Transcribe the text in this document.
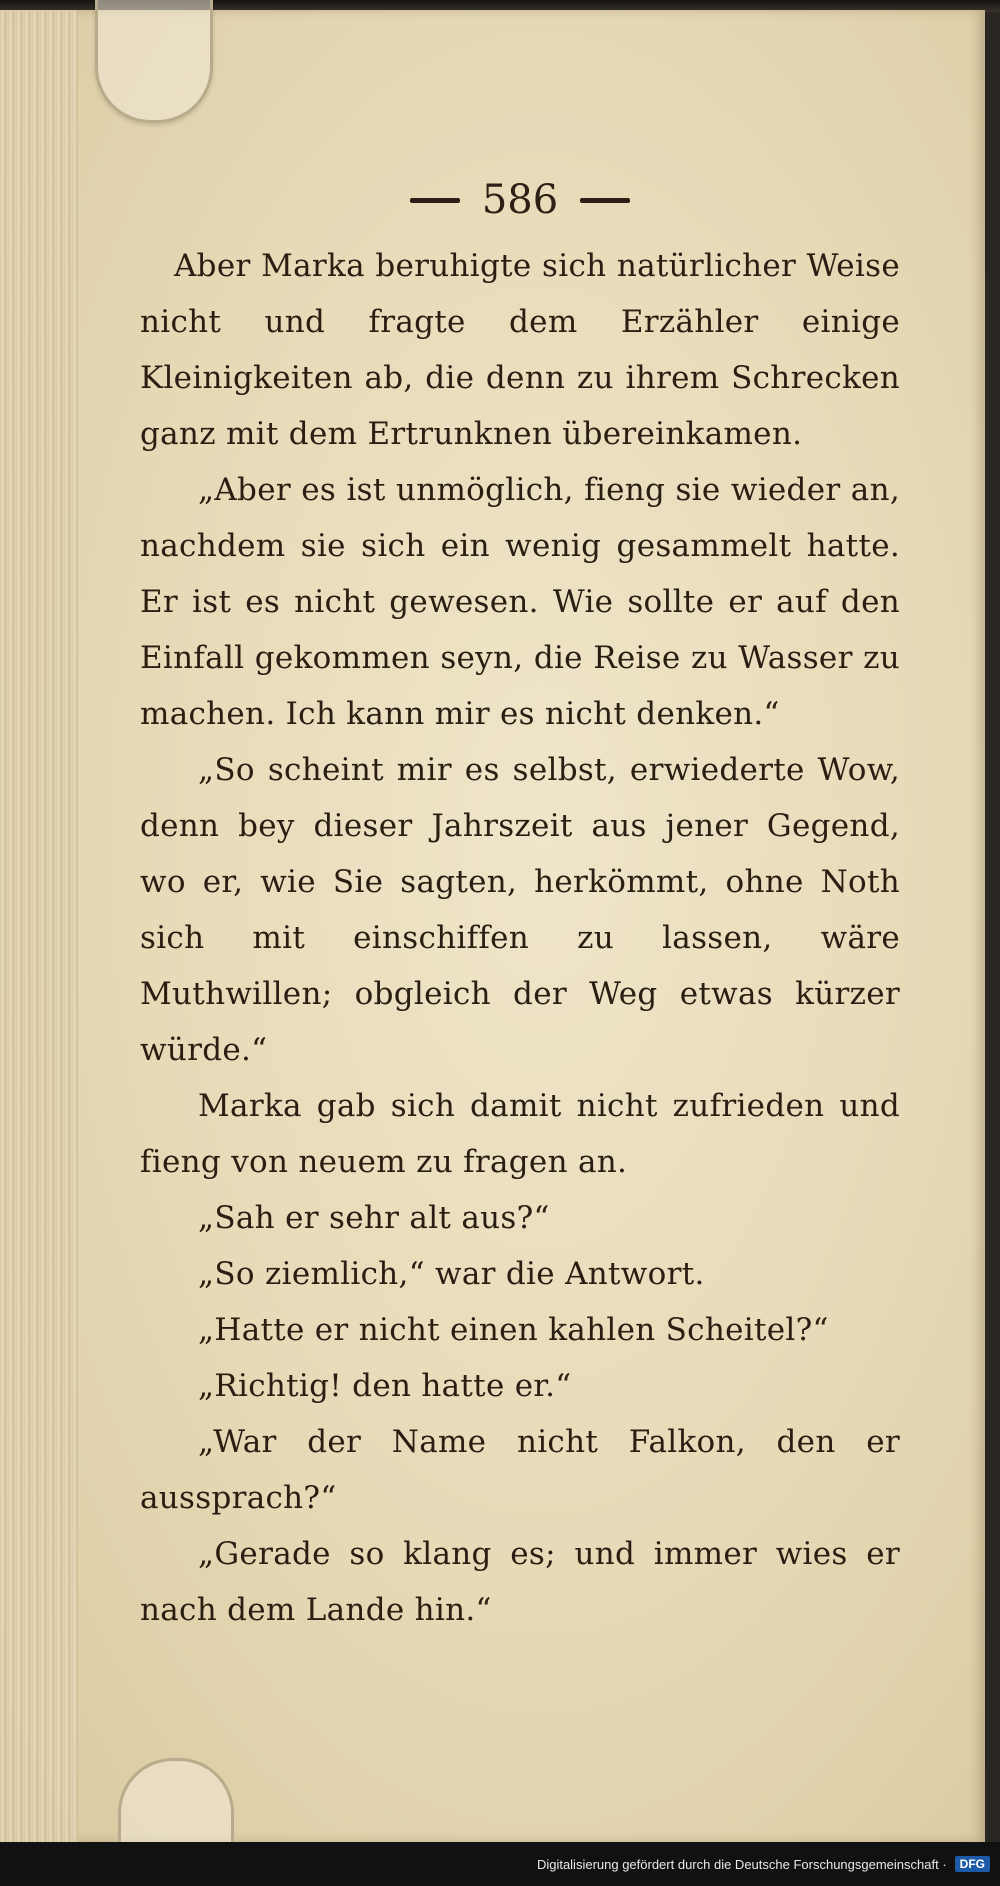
586

Aber Marka beruhigte sich natürlicher Weise nicht und fragte dem Erzähler einige Kleinigkeiten ab, die denn zu ihrem Schrecken ganz mit dem Ertrunknen übereinkamen.

„Aber es ist unmöglich, fieng sie wieder an, nachdem sie sich ein wenig gesammelt hatte. Er ist es nicht gewesen. Wie sollte er auf den Einfall gekommen seyn, die Reise zu Wasser zu machen. Ich kann mir es nicht denken.“

„So scheint mir es selbst, erwiederte Wow, denn bey dieser Jahrszeit aus jener Gegend, wo er, wie Sie sagten, herkömmt, ohne Noth sich mit einschiffen zu lassen, wäre Muthwillen; obgleich der Weg etwas kürzer würde.“

Marka gab sich damit nicht zufrieden und fieng von neuem zu fragen an.

„Sah er sehr alt aus?“

„So ziemlich,“ war die Antwort.

„Hatte er nicht einen kahlen Scheitel?“

„Richtig! den hatte er.“

„War der Name nicht Falkon, den er aussprach?“

„Gerade so klang es; und immer wies er nach dem Lande hin.“

Digitalisierung gefördert durch die Deutsche Forschungsgemeinschaft ·	DFG
